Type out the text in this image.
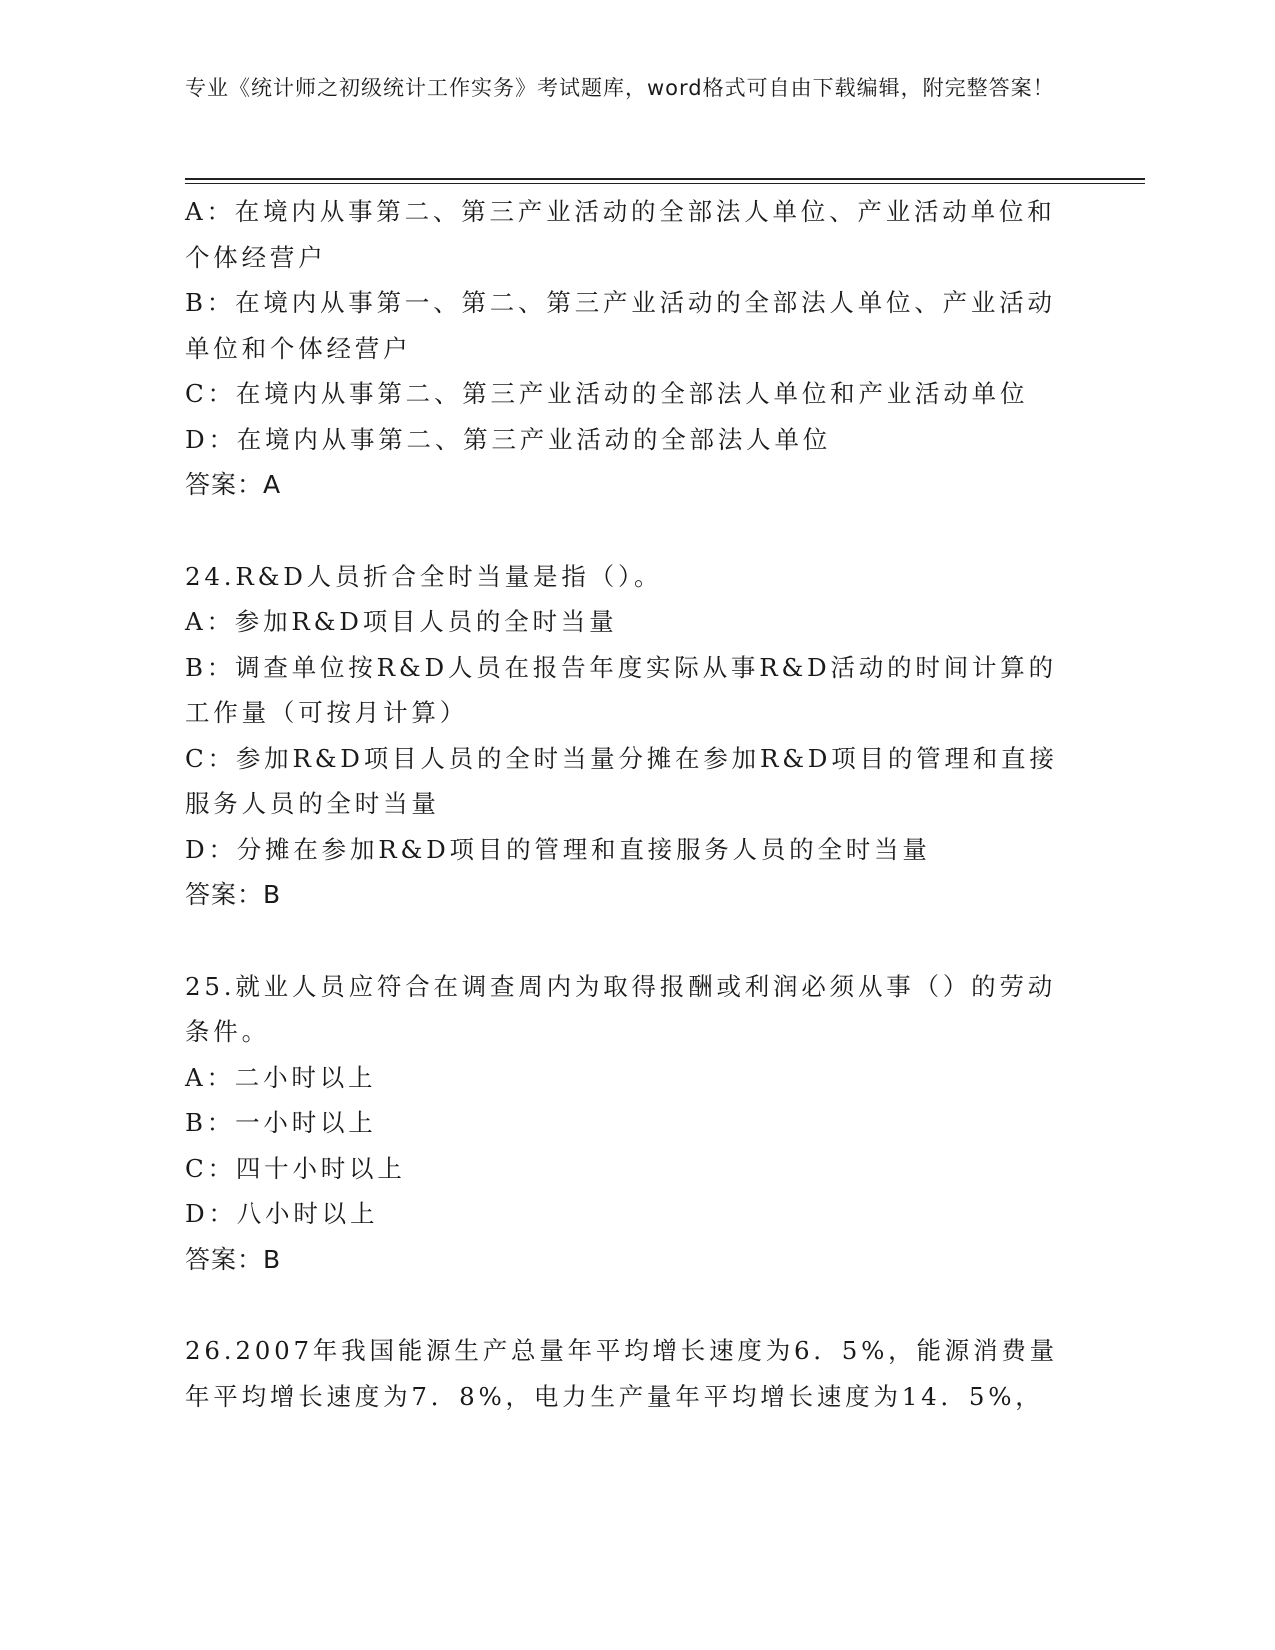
专业《统计师之初级统计工作实务》考试题库，word格式可自由下载编辑，附完整答案！
A：在境内从事第二、第三产业活动的全部法人单位、产业活动单位和个体经营户
B：在境内从事第一、第二、第三产业活动的全部法人单位、产业活动单位和个体经营户
C：在境内从事第二、第三产业活动的全部法人单位和产业活动单位
D：在境内从事第二、第三产业活动的全部法人单位
答案：A
24.R&D人员折合全时当量是指（）。
A：参加R&D项目人员的全时当量
B：调查单位按R&D人员在报告年度实际从事R&D活动的时间计算的工作量（可按月计算）
C：参加R&D项目人员的全时当量分摊在参加R&D项目的管理和直接服务人员的全时当量
D：分摊在参加R&D项目的管理和直接服务人员的全时当量
答案：B
25.就业人员应符合在调查周内为取得报酬或利润必须从事（）的劳动条件。
A：二小时以上
B：一小时以上
C：四十小时以上
D：八小时以上
答案：B
26.2007年我国能源生产总量年平均增长速度为6．5%，能源消费量年平均增长速度为7．8%，电力生产量年平均增长速度为14．5%，
